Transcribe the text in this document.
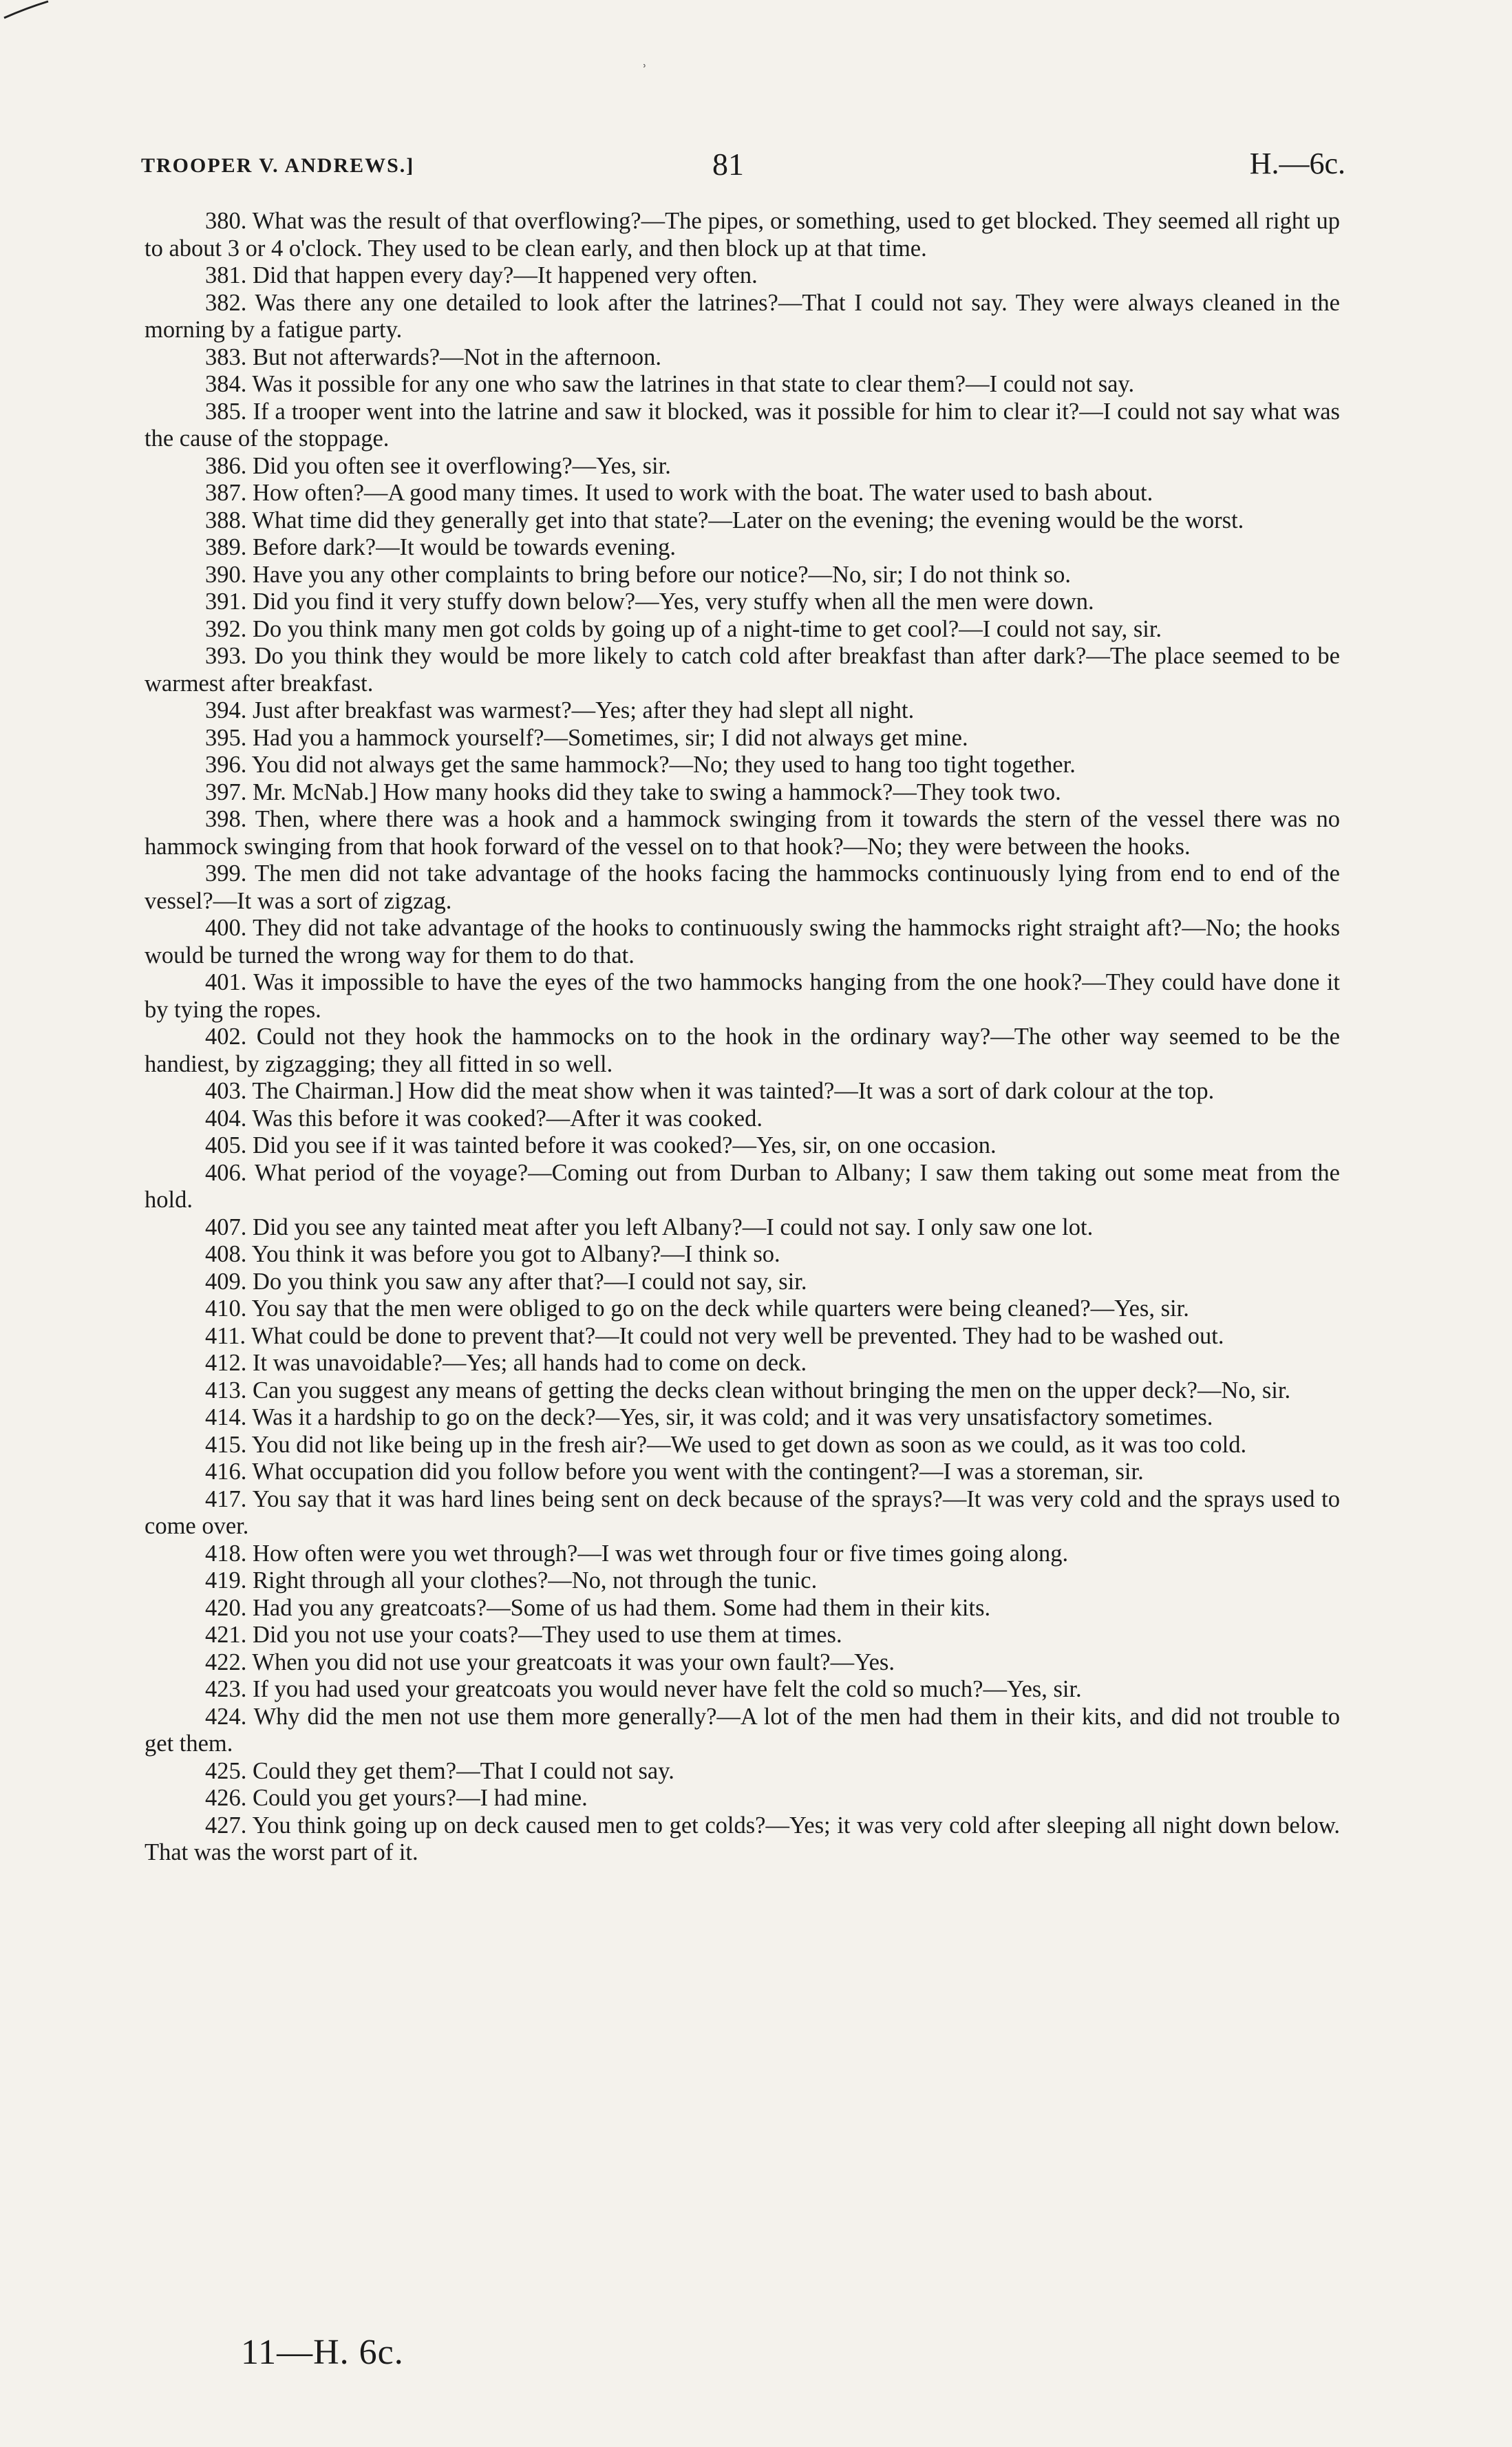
˒
TROOPER V. ANDREWS.]	81	H.—6c.

380. What was the result of that overflowing?—The pipes, or something, used to get blocked. They seemed all right up to about 3 or 4 o'clock. They used to be clean early, and then block up at that time.

381. Did that happen every day?—It happened very often.

382. Was there any one detailed to look after the latrines?—That I could not say. They were always cleaned in the morning by a fatigue party.

383. But not afterwards?—Not in the afternoon.

384. Was it possible for any one who saw the latrines in that state to clear them?—I could not say.

385. If a trooper went into the latrine and saw it blocked, was it possible for him to clear it?—I could not say what was the cause of the stoppage.

386. Did you often see it overflowing?—Yes, sir.

387. How often?—A good many times. It used to work with the boat. The water used to bash about.

388. What time did they generally get into that state?—Later on the evening; the evening would be the worst.

389. Before dark?—It would be towards evening.

390. Have you any other complaints to bring before our notice?—No, sir; I do not think so.

391. Did you find it very stuffy down below?—Yes, very stuffy when all the men were down.

392. Do you think many men got colds by going up of a night-time to get cool?—I could not say, sir.

393. Do you think they would be more likely to catch cold after breakfast than after dark?—The place seemed to be warmest after breakfast.

394. Just after breakfast was warmest?—Yes; after they had slept all night.

395. Had you a hammock yourself?—Sometimes, sir; I did not always get mine.

396. You did not always get the same hammock?—No; they used to hang too tight together.

397. Mr. McNab.] How many hooks did they take to swing a hammock?—They took two.

398. Then, where there was a hook and a hammock swinging from it towards the stern of the vessel there was no hammock swinging from that hook forward of the vessel on to that hook?—No; they were between the hooks.

399. The men did not take advantage of the hooks facing the hammocks continuously lying from end to end of the vessel?—It was a sort of zigzag.

400. They did not take advantage of the hooks to continuously swing the hammocks right straight aft?—No; the hooks would be turned the wrong way for them to do that.

401. Was it impossible to have the eyes of the two hammocks hanging from the one hook?—They could have done it by tying the ropes.

402. Could not they hook the hammocks on to the hook in the ordinary way?—The other way seemed to be the handiest, by zigzagging; they all fitted in so well.

403. The Chairman.] How did the meat show when it was tainted?—It was a sort of dark colour at the top.

404. Was this before it was cooked?—After it was cooked.

405. Did you see if it was tainted before it was cooked?—Yes, sir, on one occasion.

406. What period of the voyage?—Coming out from Durban to Albany; I saw them taking out some meat from the hold.

407. Did you see any tainted meat after you left Albany?—I could not say. I only saw one lot.

408. You think it was before you got to Albany?—I think so.

409. Do you think you saw any after that?—I could not say, sir.

410. You say that the men were obliged to go on the deck while quarters were being cleaned?—Yes, sir.

411. What could be done to prevent that?—It could not very well be prevented. They had to be washed out.

412. It was unavoidable?—Yes; all hands had to come on deck.

413. Can you suggest any means of getting the decks clean without bringing the men on the upper deck?—No, sir.

414. Was it a hardship to go on the deck?—Yes, sir, it was cold; and it was very unsatisfactory sometimes.

415. You did not like being up in the fresh air?—We used to get down as soon as we could, as it was too cold.

416. What occupation did you follow before you went with the contingent?—I was a storeman, sir.

417. You say that it was hard lines being sent on deck because of the sprays?—It was very cold and the sprays used to come over.

418. How often were you wet through?—I was wet through four or five times going along.

419. Right through all your clothes?—No, not through the tunic.

420. Had you any greatcoats?—Some of us had them. Some had them in their kits.

421. Did you not use your coats?—They used to use them at times.

422. When you did not use your greatcoats it was your own fault?—Yes.

423. If you had used your greatcoats you would never have felt the cold so much?—Yes, sir.

424. Why did the men not use them more generally?—A lot of the men had them in their kits, and did not trouble to get them.

425. Could they get them?—That I could not say.

426. Could you get yours?—I had mine.

427. You think going up on deck caused men to get colds?—Yes; it was very cold after sleeping all night down below. That was the worst part of it.

11—H. 6c.
